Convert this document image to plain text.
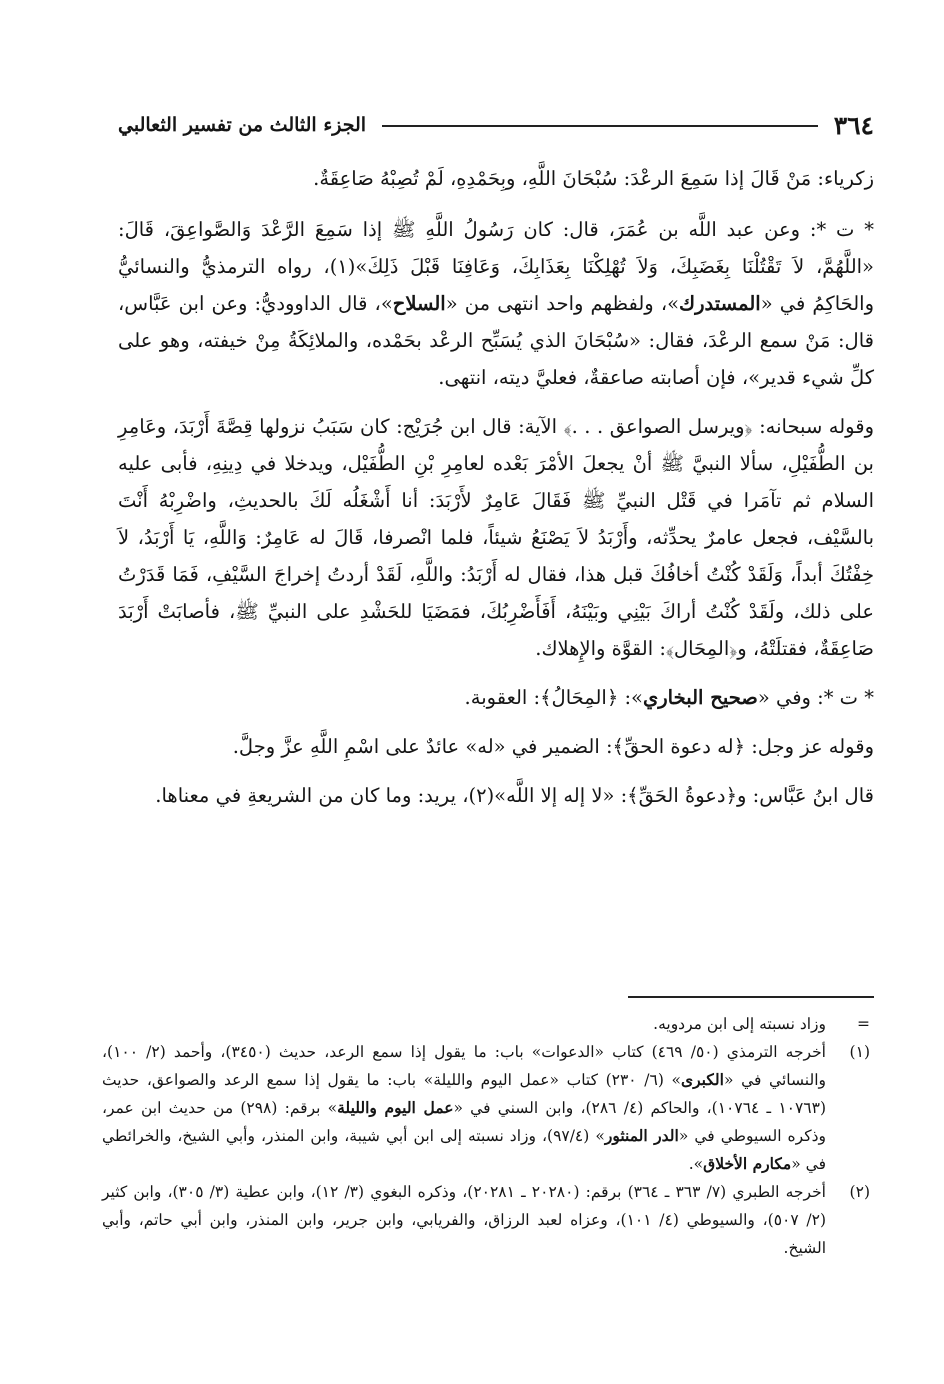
٣٦٤
الجزء الثالث من تفسير الثعالبي

زكرياء: مَنْ قَالَ إذا سَمِعَ الرعْدَ: سُبْحَانَ اللَّهِ، وبِحَمْدِهِ، لَمْ تُصِبْهُ صَاعِقَةٌ.

* ت *: وعن عبد اللَّه بن عُمَرَ، قال: كان رَسُولُ اللَّهِ ﷺ إذا سَمِعَ الرَّعْدَ وَالصَّواعِقَ، قَالَ: «اللَّهُمَّ، لاَ تَقْتُلْنَا بِغَضَبِكَ، وَلاَ تُهْلِكْنَا بِعَذَابِكَ، وَعَافِنَا قَبْلَ ذَلِكَ»(١)، رواه الترمذيُّ والنسائيُّ والحَاكِمُ في «المستدرك»، ولفظهم واحد انتهى من «السلاح»، قال الداووديُّ: وعن ابن عَبَّاس، قال: مَنْ سمع الرعْدَ، فقال: «سُبْحَانَ الذي يُسَبِّح الرعْد بحَمْده، والملائِكَةُ مِنْ خيفته، وهو على كلِّ شيء قدير»، فإن أصابته صاعقةٌ، فعليَّ ديته، انتهى.

وقوله سبحانه: ﴿ويرسل الصواعق . . .﴾ الآية: قال ابن جُرَيْج: كان سَبَبُ نزولها قِصَّةَ أَرْبَدَ، وعَامِرِ بن الطُّفَيْلِ، سألا النبيَّ ﷺ أنْ يجعلَ الأمْرَ بَعْده لعامِرِ بْنِ الطُّفَيْل، ويدخلا في دِينِهِ، فأبى عليه السلام ثم تآمَرا في قَتْل النبيِّ ﷺ فَقَالَ عَامِرٌ لأَرْبَدَ: أنا أَشْغَلُه لَكَ بالحديثِ، واضْرِبْهُ أَنْتَ بالسَّيْف، فجعل عامرٌ يحدِّثه، وأَرْبَدُ لاَ يَصْنَعُ شيئاً، فلما انْصرفا، قَالَ له عَامِرٌ: وَاللَّهِ، يَا أَرْبَدُ، لاَ خِفْتُكَ أبداً، وَلَقَدْ كُنْتُ أخافُكَ قبل هذا، فقال له أَرْبَدُ: واللَّهِ، لَقَدْ أردتُ إخراجَ السَّيْفِ، فَمَا قَدَرْتُ على ذلك، ولَقَدْ كُنْتُ أراكَ بَيْنِي وبَيْنَهُ، أَفَأَضْرِبُكَ، فمَضَيَا للحَشْدِ على النبيِّ ﷺ، فأصابَتْ أَرْبَدَ صَاعِقَةٌ، فقتلَتْهُ، و﴿المِحَال﴾: القوَّة والإِهلاك.

* ت *: وفي «صحيح البخاري»: ﴿المِحَالُ﴾: العقوبة.

وقوله عز وجل: ﴿له دعوة الحقِّ﴾: الضمير في «له» عائدٌ على اسْمِ اللَّهِ عزَّ وجلَّ.

قال ابنُ عَبَّاس: و﴿دعوةُ الحَقِّ﴾: «لا إله إلا اللَّه»(٢)، يريد: وما كان من الشريعةِ في معناها.

=
وزاد نسبته إلى ابن مردويه.
(١)
أخرجه الترمذي (٥٠/ ٤٦٩) كتاب «الدعوات» باب: ما يقول إذا سمع الرعد، حديث (٣٤٥٠)، وأحمد (٢/ ١٠٠)، والنسائي في «الكبرى» (٦/ ٢٣٠) كتاب «عمل اليوم والليلة» باب: ما يقول إذا سمع الرعد والصواعق، حديث (١٠٧٦٣ ـ ١٠٧٦٤)، والحاكم (٤/ ٢٨٦)، وابن السني في «عمل اليوم والليلة» برقم: (٢٩٨) من حديث ابن عمر، وذكره السيوطي في «الدر المنثور» (٩٧/٤)، وزاد نسبته إلى ابن أبي شيبة، وابن المنذر، وأبي الشيخ، والخرائطي في «مكارم الأخلاق».
(٢)
أخرجه الطبري (٧/ ٣٦٣ ـ ٣٦٤) برقم: (٢٠٢٨٠ ـ ٢٠٢٨١)، وذكره البغوي (٣/ ١٢)، وابن عطية (٣/ ٣٠٥)، وابن كثير (٢/ ٥٠٧)، والسيوطي (٤/ ١٠١)، وعزاه لعبد الرزاق، والفريابي، وابن جرير، وابن المنذر، وابن أبي حاتم، وأبي الشيخ.
